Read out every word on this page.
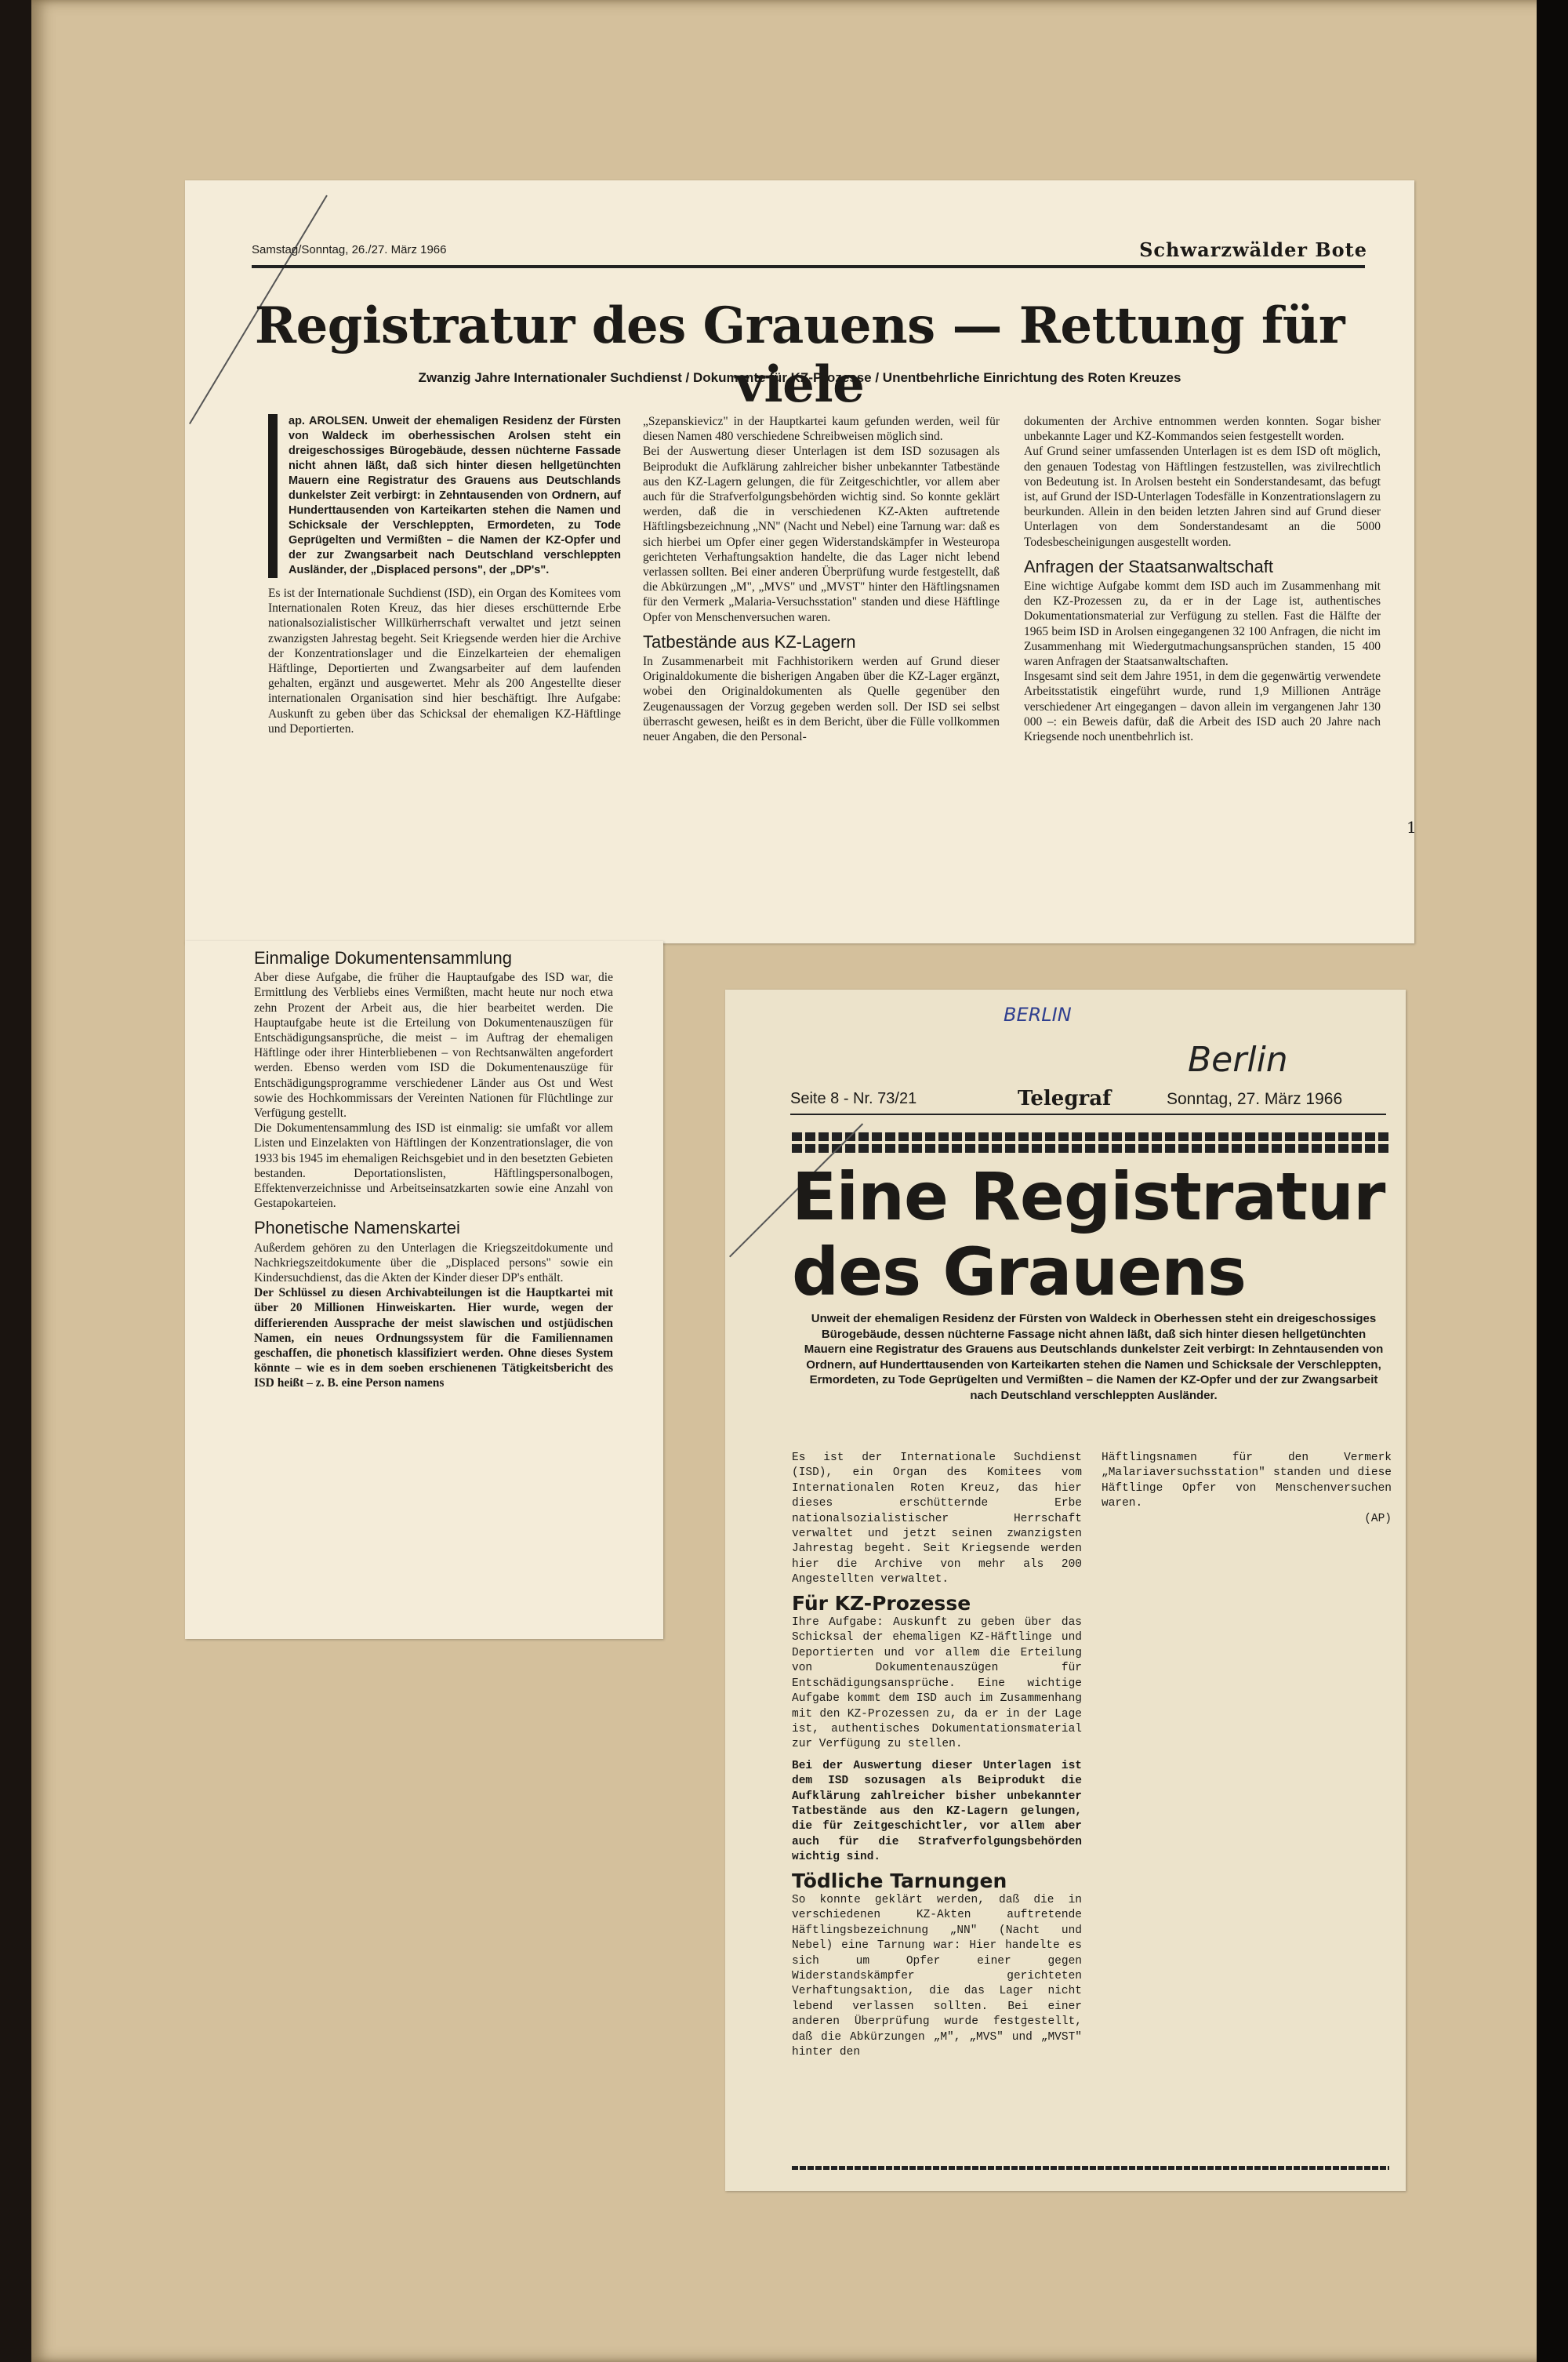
Samstag/Sonntag, 26./27. März 1966	Schwarzwälder Bote
Registratur des Grauens — Rettung für viele
Zwanzig Jahre Internationaler Suchdienst / Dokumente für KZ-Prozesse / Unentbehrliche Einrichtung des Roten Kreuzes

ap. AROLSEN. Unweit der ehemaligen Residenz der Fürsten von Waldeck im oberhessischen Arolsen steht ein dreigeschossiges Bürogebäude, dessen nüchterne Fassade nicht ahnen läßt, daß sich hinter diesen hellgetünchten Mauern eine Registratur des Grauens aus Deutschlands dunkelster Zeit verbirgt: in Zehntausenden von Ordnern, auf Hunderttausenden von Karteikarten stehen die Namen und Schicksale der Verschleppten, Ermordeten, zu Tode Geprügelten und Vermißten – die Namen der KZ-Opfer und der zur Zwangsarbeit nach Deutschland verschleppten Ausländer, der „Displaced persons", der „DP's".

Es ist der Internationale Suchdienst (ISD), ein Organ des Komitees vom Internationalen Roten Kreuz, das hier dieses erschütternde Erbe nationalsozialistischer Willkürherrschaft verwaltet und jetzt seinen zwanzigsten Jahrestag begeht. Seit Kriegsende werden hier die Archive der Konzentrationslager und die Einzelkarteien der ehemaligen Häftlinge, Deportierten und Zwangsarbeiter auf dem laufenden gehalten, ergänzt und ausgewertet. Mehr als 200 Angestellte dieser internationalen Organisation sind hier beschäftigt. Ihre Aufgabe: Auskunft zu geben über das Schicksal der ehemaligen KZ-Häftlinge und Deportierten.

„Szepanskievicz" in der Hauptkartei kaum gefunden werden, weil für diesen Namen 480 verschiedene Schreibweisen möglich sind.

Bei der Auswertung dieser Unterlagen ist dem ISD sozusagen als Beiprodukt die Aufklärung zahlreicher bisher unbekannter Tatbestände aus den KZ-Lagern gelungen, die für Zeitgeschichtler, vor allem aber auch für die Strafverfolgungsbehörden wichtig sind. So konnte geklärt werden, daß die in verschiedenen KZ-Akten auftretende Häftlingsbezeichnung „NN" (Nacht und Nebel) eine Tarnung war: daß es sich hierbei um Opfer einer gegen Widerstandskämpfer in Westeuropa gerichteten Verhaftungsaktion handelte, die das Lager nicht lebend verlassen sollten. Bei einer anderen Überprüfung wurde festgestellt, daß die Abkürzungen „M", „MVS" und „MVST" hinter den Häftlingsnamen für den Vermerk „Malaria-Versuchsstation" standen und diese Häftlinge Opfer von Menschenversuchen waren.

Tatbestände aus KZ-Lagern

In Zusammenarbeit mit Fachhistorikern werden auf Grund dieser Originaldokumente die bisherigen Angaben über die KZ-Lager ergänzt, wobei den Originaldokumenten als Quelle gegenüber den Zeugenaussagen der Vorzug gegeben werden soll. Der ISD sei selbst überrascht gewesen, heißt es in dem Bericht, über die Fülle vollkommen neuer Angaben, die den Personal-

dokumenten der Archive entnommen werden konnten. Sogar bisher unbekannte Lager und KZ-Kommandos seien festgestellt worden.

Auf Grund seiner umfassenden Unterlagen ist es dem ISD oft möglich, den genauen Todestag von Häftlingen festzustellen, was zivilrechtlich von Bedeutung ist. In Arolsen besteht ein Sonderstandesamt, das befugt ist, auf Grund der ISD-Unterlagen Todesfälle in Konzentrationslagern zu beurkunden. Allein in den beiden letzten Jahren sind auf Grund dieser Unterlagen von dem Sonderstandesamt an die 5000 Todesbescheinigungen ausgestellt worden.

Anfragen der Staatsanwaltschaft

Eine wichtige Aufgabe kommt dem ISD auch im Zusammenhang mit den KZ-Prozessen zu, da er in der Lage ist, authentisches Dokumentationsmaterial zur Verfügung zu stellen. Fast die Hälfte der 1965 beim ISD in Arolsen eingegangenen 32 100 Anfragen, die nicht im Zusammenhang mit Wiedergutmachungsansprüchen standen, 15 400 waren Anfragen der Staatsanwaltschaften.

Insgesamt sind seit dem Jahre 1951, in dem die gegenwärtig verwendete Arbeitsstatistik eingeführt wurde, rund 1,9 Millionen Anträge verschiedener Art eingegangen – davon allein im vergangenen Jahr 130 000 –: ein Beweis dafür, daß die Arbeit des ISD auch 20 Jahre nach Kriegsende noch unentbehrlich ist.

Einmalige Dokumentensammlung

Aber diese Aufgabe, die früher die Hauptaufgabe des ISD war, die Ermittlung des Verbliebs eines Vermißten, macht heute nur noch etwa zehn Prozent der Arbeit aus, die hier bearbeitet werden. Die Hauptaufgabe heute ist die Erteilung von Dokumentenauszügen für Entschädigungsansprüche, die meist – im Auftrag der ehemaligen Häftlinge oder ihrer Hinterbliebenen – von Rechtsanwälten angefordert werden. Ebenso werden vom ISD die Dokumentenauszüge für Entschädigungsprogramme verschiedener Länder aus Ost und West sowie des Hochkommissars der Vereinten Nationen für Flüchtlinge zur Verfügung gestellt.

Die Dokumentensammlung des ISD ist einmalig: sie umfaßt vor allem Listen und Einzelakten von Häftlingen der Konzentrationslager, die von 1933 bis 1945 im ehemaligen Reichsgebiet und in den besetzten Gebieten bestanden. Deportationslisten, Häftlingspersonalbogen, Effektenverzeichnisse und Arbeitseinsatzkarten sowie eine Anzahl von Gestapokarteien.

Phonetische Namenskartei

Außerdem gehören zu den Unterlagen die Kriegszeitdokumente und Nachkriegszeitdokumente über die „Displaced persons" sowie ein Kindersuchdienst, das die Akten der Kinder dieser DP's enthält.

Der Schlüssel zu diesen Archivabteilungen ist die Hauptkartei mit über 20 Millionen Hinweiskarten. Hier wurde, wegen der differierenden Aussprache der meist slawischen und ostjüdischen Namen, ein neues Ordnungssystem für die Familiennamen geschaffen, die phonetisch klassifiziert werden. Ohne dieses System könnte – wie es in dem soeben erschienenen Tätigkeitsbericht des ISD heißt – z. B. eine Person namens

1
BERLIN
Berlin
Seite 8 - Nr. 73/21	Telegraf	Sonntag, 27. März 1966
Eine Registratur
des Grauens
Unweit der ehemaligen Residenz der Fürsten von Waldeck in Oberhessen steht ein dreigeschossiges Bürogebäude, dessen nüchterne Fassage nicht ahnen läßt, daß sich hinter diesen hellgetünchten Mauern eine Registratur des Grauens aus Deutschlands dunkelster Zeit verbirgt: In Zehntausenden von Ordnern, auf Hunderttausenden von Karteikarten stehen die Namen und Schicksale der Verschleppten, Ermordeten, zu Tode Geprügelten und Vermißten – die Namen der KZ-Opfer und der zur Zwangsarbeit nach Deutschland verschleppten Ausländer.

Es ist der Internationale Suchdienst (ISD), ein Organ des Komitees vom Internationalen Roten Kreuz, das hier dieses erschütternde Erbe nationalsozialistischer Herrschaft verwaltet und jetzt seinen zwanzigsten Jahrestag begeht. Seit Kriegsende werden hier die Archive von mehr als 200 Angestellten verwaltet.

Für KZ-Prozesse

Ihre Aufgabe: Auskunft zu geben über das Schicksal der ehemaligen KZ-Häftlinge und Deportierten und vor allem die Erteilung von Dokumentenauszügen für Entschädigungsansprüche. Eine wichtige Aufgabe kommt dem ISD auch im Zusammenhang mit den KZ-Prozessen zu, da er in der Lage ist, authentisches Dokumentationsmaterial zur Verfügung zu stellen.

Bei der Auswertung dieser Unterlagen ist dem ISD sozusagen als Beiprodukt die Aufklärung zahlreicher bisher unbekannter Tatbestände aus den KZ-Lagern gelungen, die für Zeitgeschichtler, vor allem aber auch für die Strafverfolgungsbehörden wichtig sind.

Tödliche Tarnungen

So konnte geklärt werden, daß die in verschiedenen KZ-Akten auftretende Häftlingsbezeichnung „NN" (Nacht und Nebel) eine Tarnung war: Hier handelte es sich um Opfer einer gegen Widerstandskämpfer gerichteten Verhaftungsaktion, die das Lager nicht lebend verlassen sollten. Bei einer anderen Überprüfung wurde festgestellt, daß die Abkürzungen „M", „MVS" und „MVST" hinter den

Häftlingsnamen für den Vermerk „Malariaversuchsstation" standen und diese Häftlinge Opfer von Menschenversuchen waren.

(AP)
